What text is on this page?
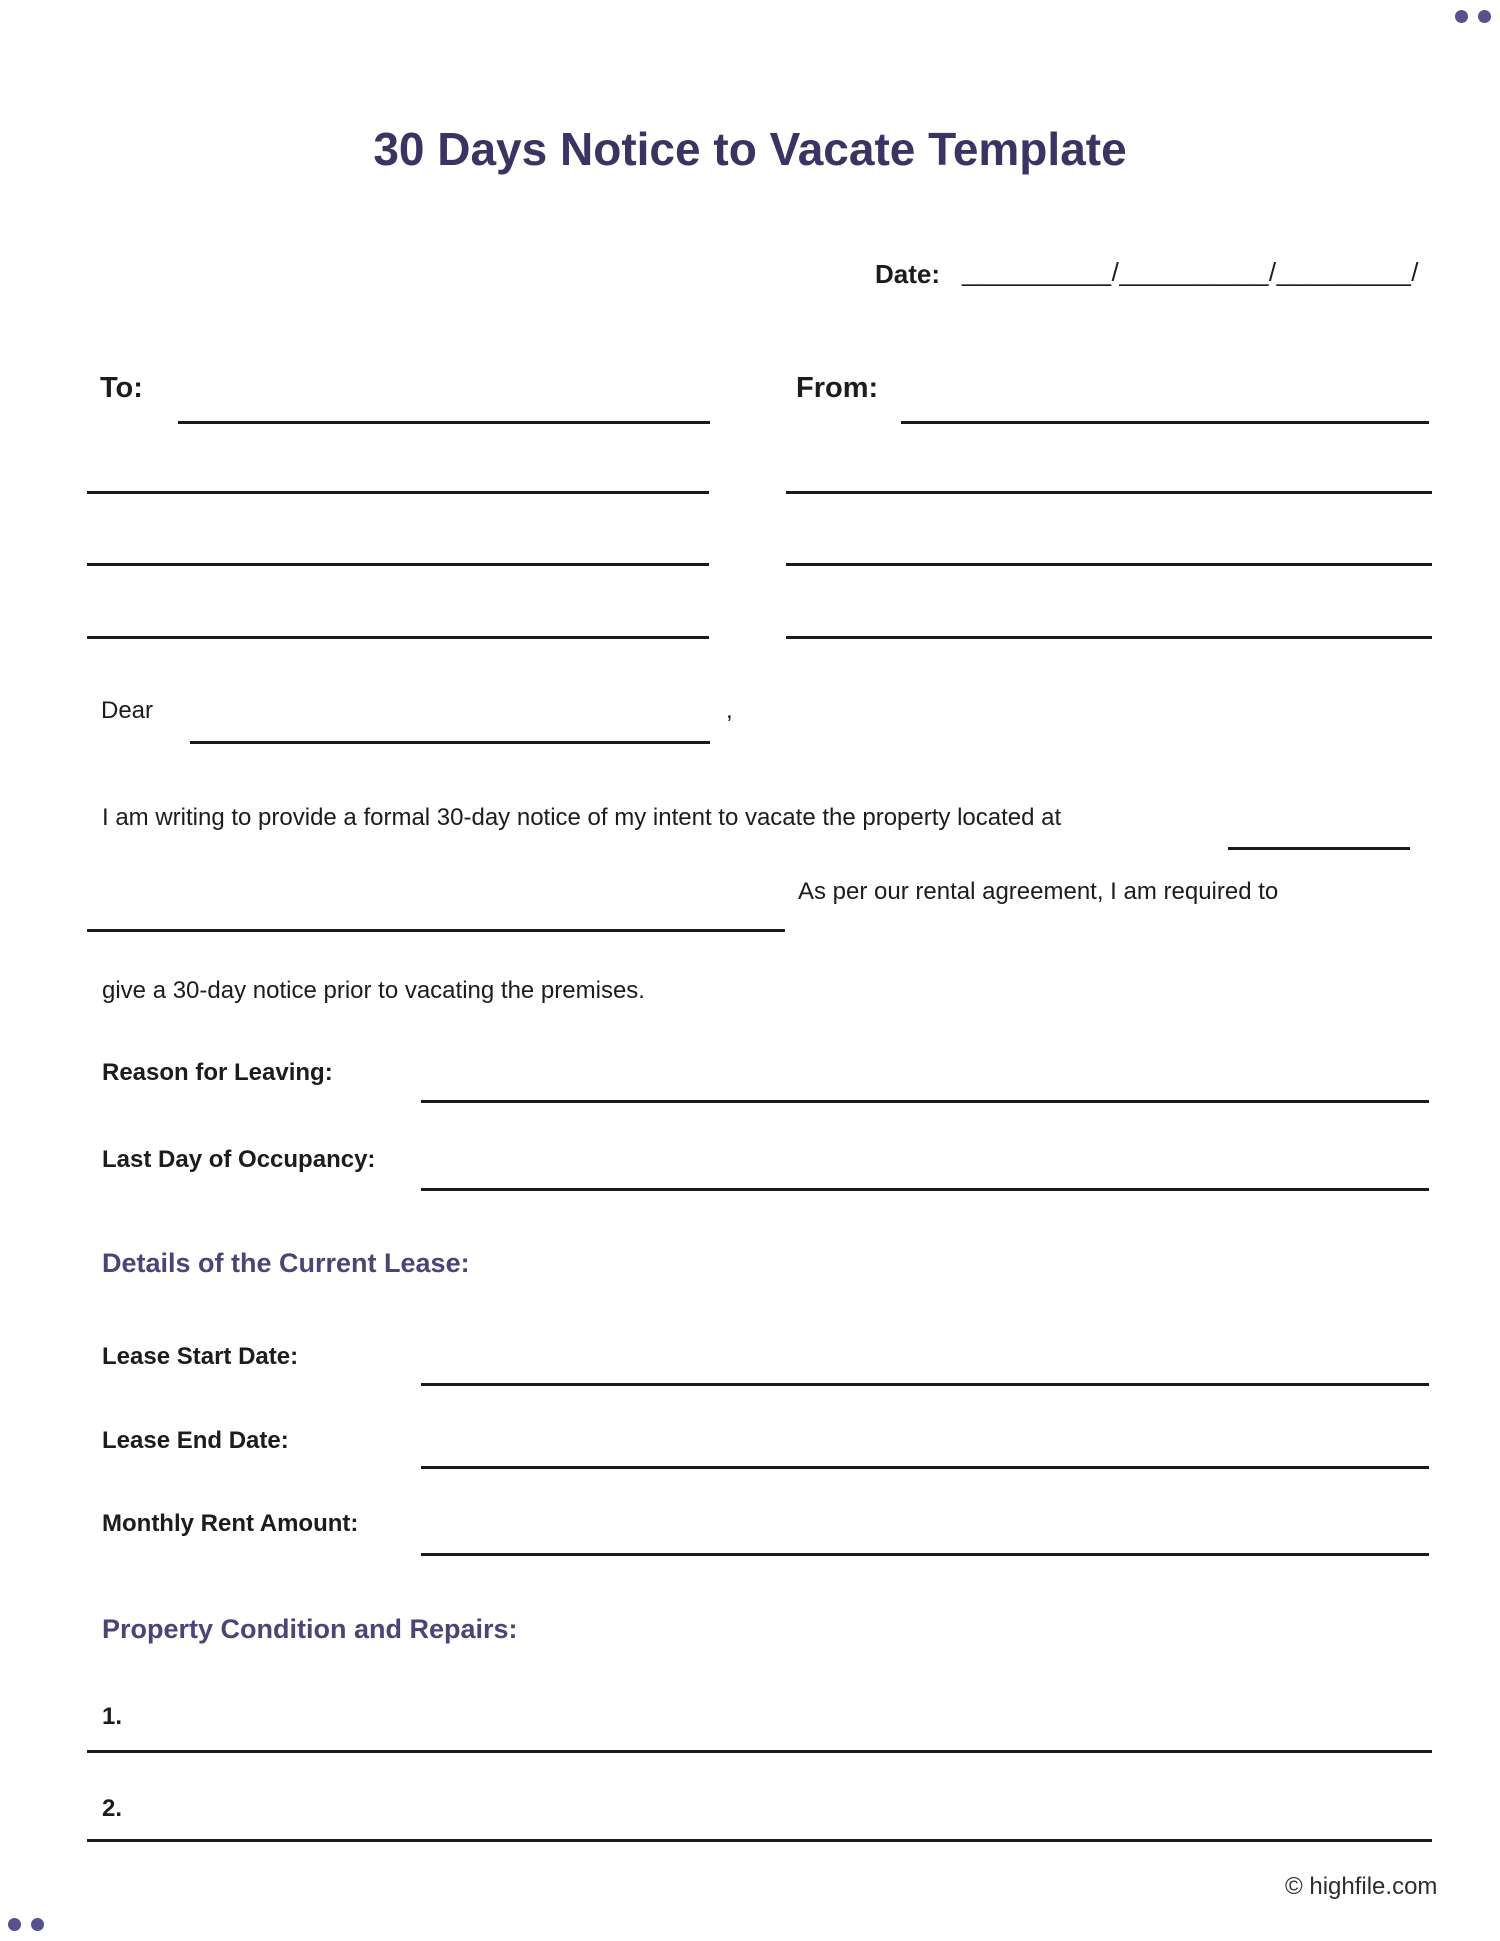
30 Days Notice to Vacate Template
Date: __________/__________/_________/
To:	From:
Dear	,
I am writing to provide a formal 30-day notice of my intent to vacate the property located at
As per our rental agreement, I am required to
give a 30-day notice prior to vacating the premises.
Reason for Leaving:
Last Day of Occupancy:
Details of the Current Lease:
Lease Start Date:
Lease End Date:
Monthly Rent Amount:
Property Condition and Repairs:
1.
2.
© highfile.com
